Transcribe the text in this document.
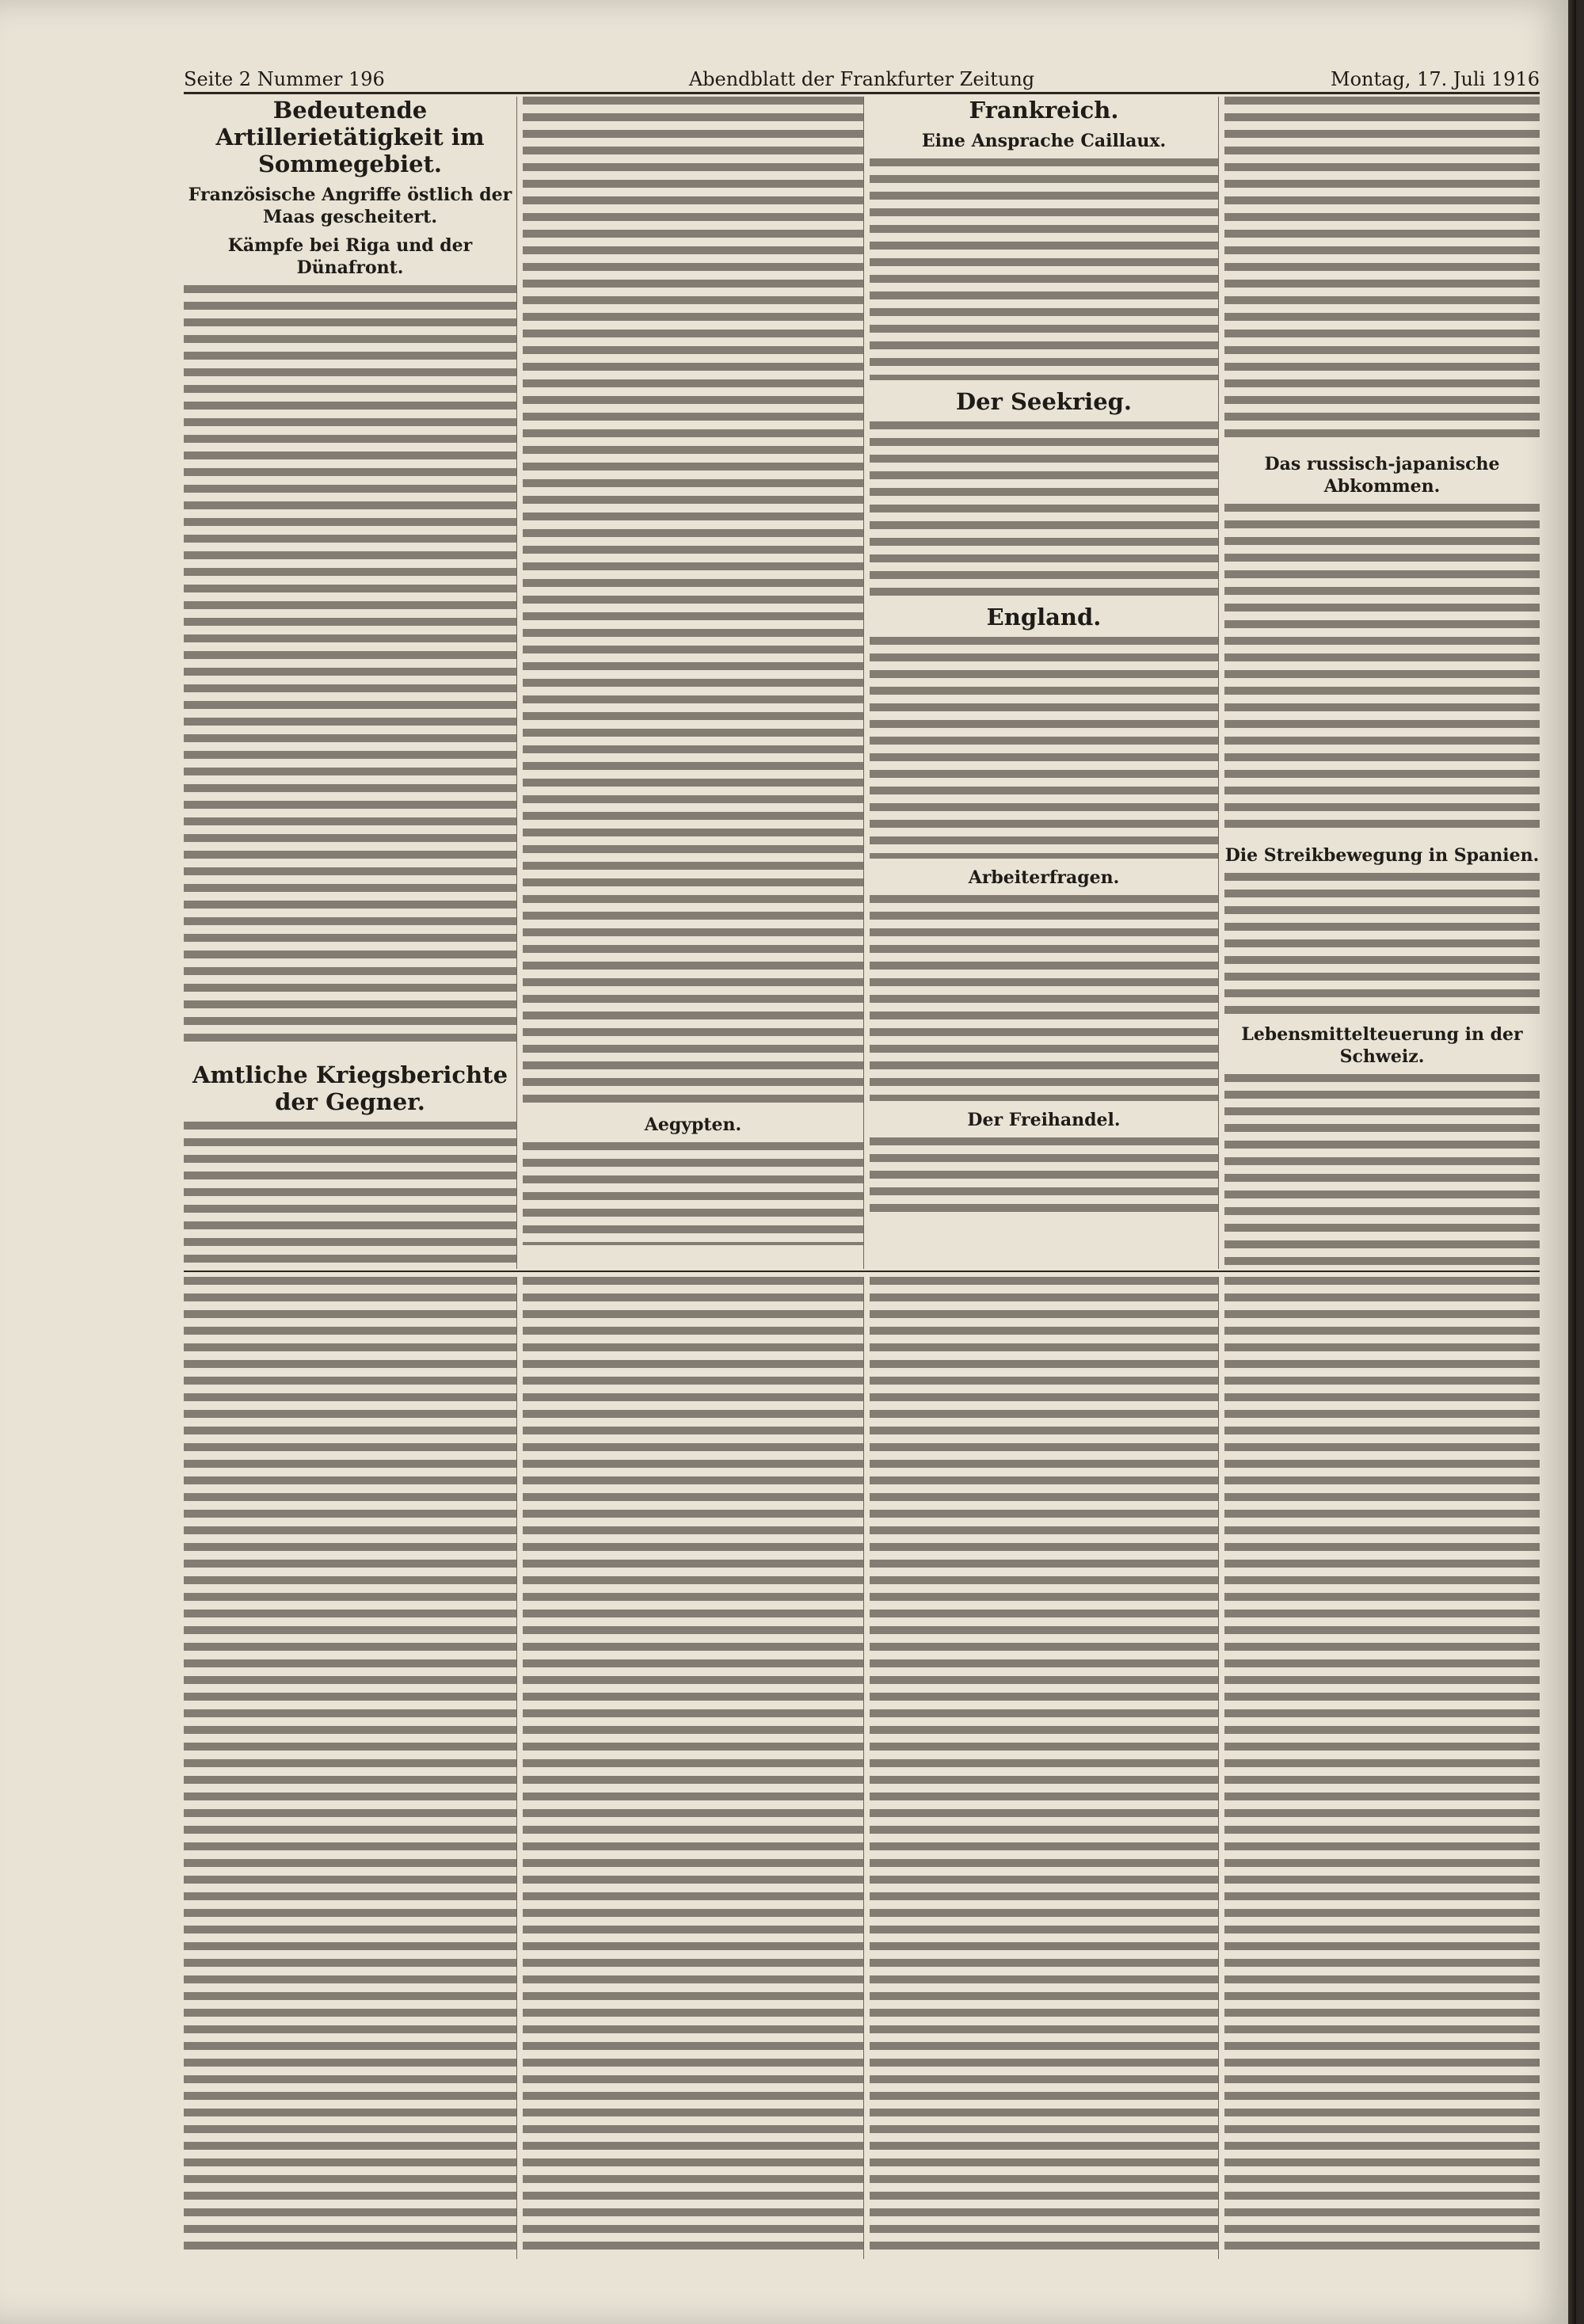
Seite 2 Nummer 196	Abendblatt der Frankfurter Zeitung	Montag, 17. Juli 1916
Bedeutende Artillerietätigkeit im Sommegebiet.
Französische Angriffe östlich der Maas gescheitert.
Kämpfe bei Riga und der Dünafront.
Amtliche Kriegsberichte der Gegner.
Aegypten.
Frankreich.
Eine Ansprache Caillaux.
Der Seekrieg.
England.
Arbeiterfragen.
Der Freihandel.
Das russisch-japanische Abkommen.
Die Streikbewegung in Spanien.
Lebensmittelteuerung in der Schweiz.
